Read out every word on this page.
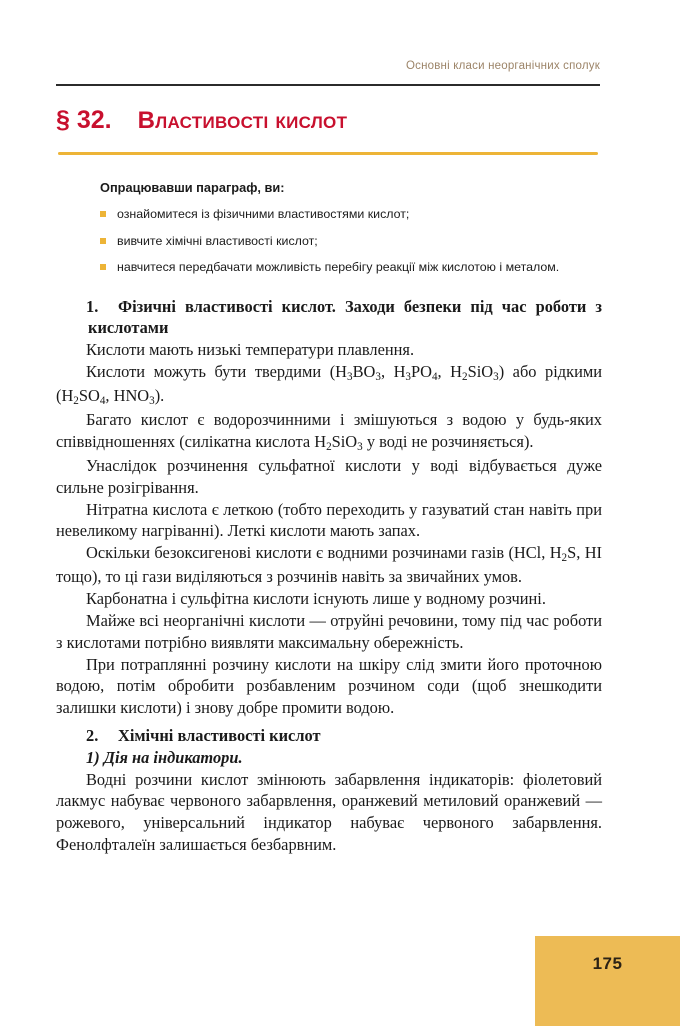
Основні класи неорганічних сполук
§ 32. Властивості кислот
Опрацювавши параграф, ви:
ознайомитеся із фізичними властивостями кислот;
вивчите хімічні властивості кислот;
навчитеся передбачати можливість перебігу реакції між кислотою і металом.

1. Фізичні властивості кислот. Заходи безпеки під час роботи з кислотами

Кислоти мають низькі температури плавлення.

Кислоти можуть бути твердими ($H_3BO_3$, $H_3PO_4$, $H_2SiO_3$) або рідкими ($H_2SO_4$, $HNO_3$).

Багато кислот є водорозчинними і змішуються з водою у будь-яких співвідношеннях (силікатна кислота $H_2SiO_3$ у воді не розчиняється).

Унаслідок розчинення сульфатної кислоти у воді відбувається дуже сильне розігрівання.

Нітратна кислота є леткою (тобто переходить у газуватий стан навіть при невеликому нагріванні). Леткі кислоти мають запах.

Оскільки безоксигенові кислоти є водними розчинами газів (HCl, $H_2S$, HI тощо), то ці гази виділяються з розчинів навіть за звичайних умов.

Карбонатна і сульфітна кислоти існують лише у водному розчині.

Майже всі неорганічні кислоти — отруйні речовини, тому під час роботи з кислотами потрібно виявляти максимальну обережність.

При потраплянні розчину кислоти на шкіру слід змити його проточною водою, потім обробити розбавленим розчином соди (щоб знешкодити залишки кислоти) і знову добре промити водою.

2. Хімічні властивості кислот

1) Дія на індикатори.

Водні розчини кислот змінюють забарвлення індикаторів: фіолетовий лакмус набуває червоного забарвлення, оранжевий метиловий оранжевий — рожевого, універсальний індикатор набуває червоного забарвлення. Фенолфталеїн залишається безбарвним.

175
